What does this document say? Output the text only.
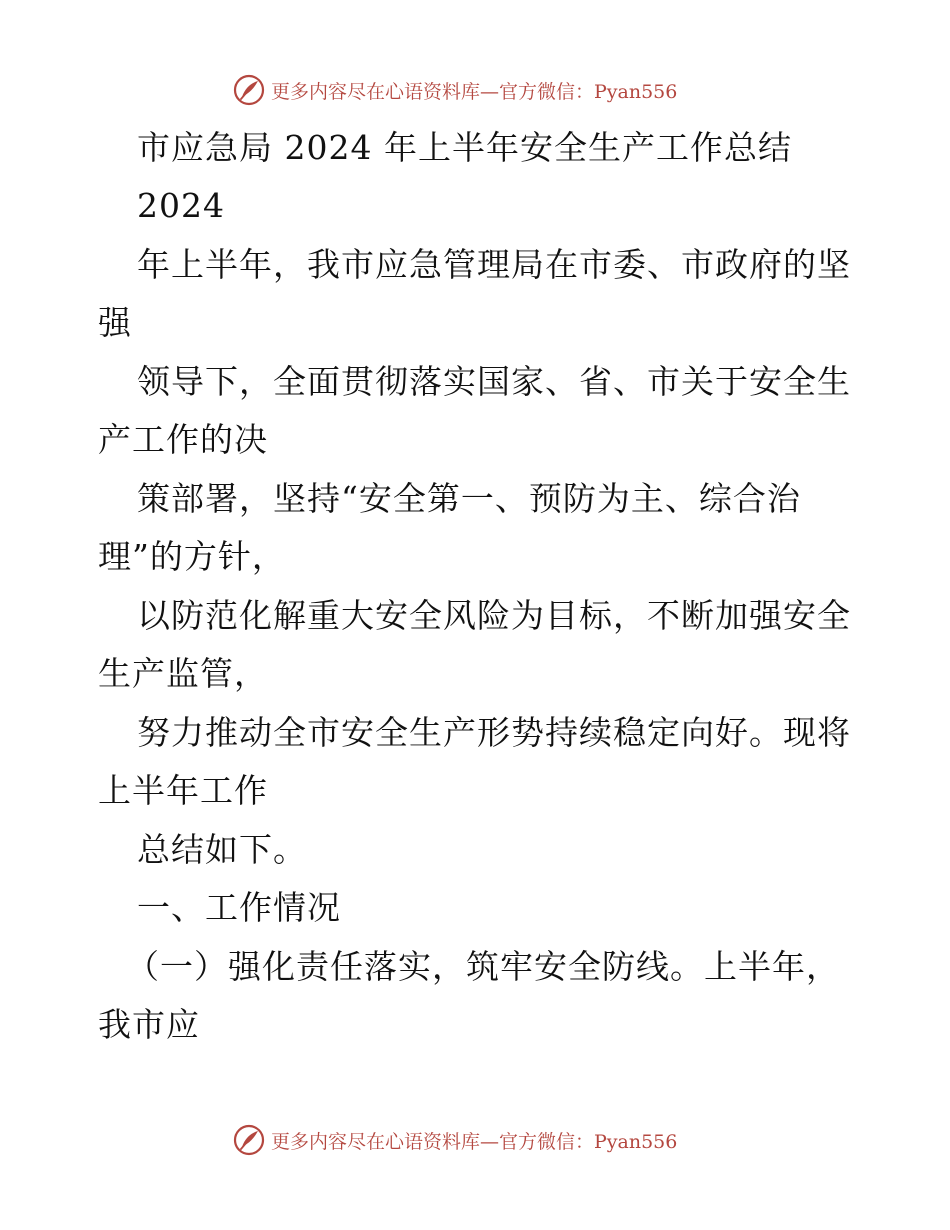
更多内容尽在心语资料库—官方微信：Pyan556
市应急局 2024 年上半年安全生产工作总结
2024
年上半年，我市应急管理局在市委、市政府的坚
强
领导下，全面贯彻落实国家、省、市关于安全生
产工作的决
策部署，坚持“安全第一、预防为主、综合治
理”的方针，
以防范化解重大安全风险为目标，不断加强安全
生产监管，
努力推动全市安全生产形势持续稳定向好。现将
上半年工作
总结如下。
一、工作情况
（一）强化责任落实，筑牢安全防线。上半年，
我市应
更多内容尽在心语资料库—官方微信：Pyan556
